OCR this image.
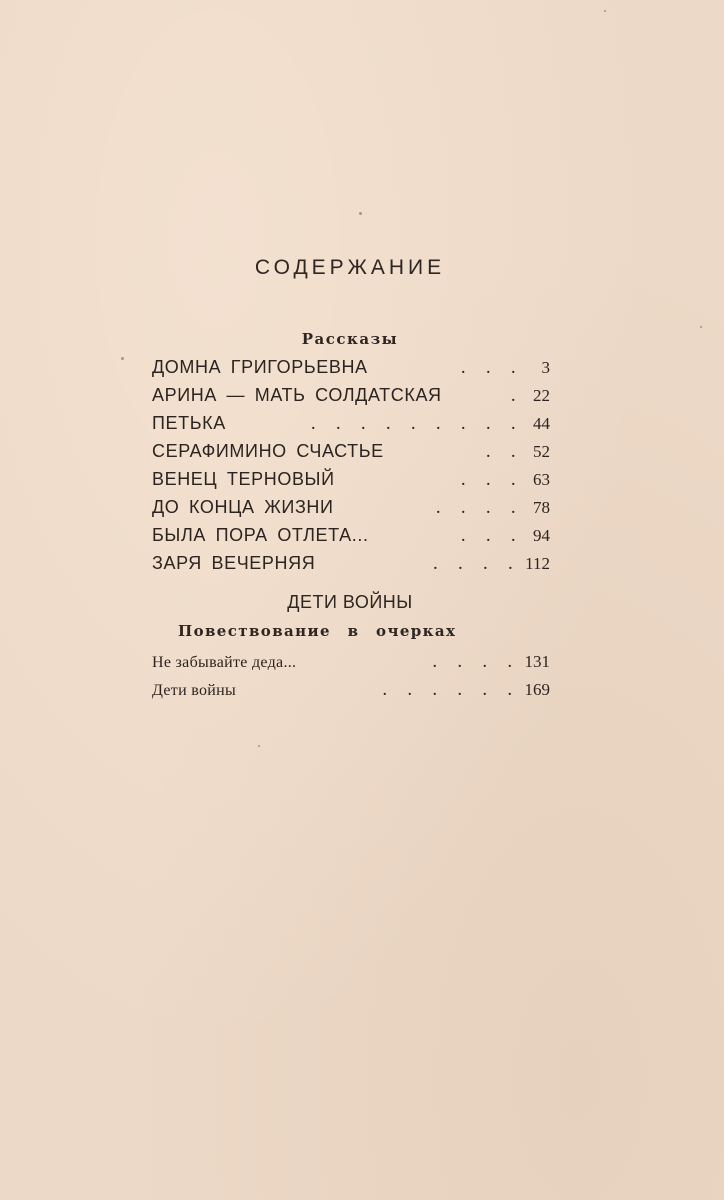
СОДЕРЖАНИЕ
Рассказы
ДОМНА ГРИГОРЬЕВНА	. . .	3
АРИНА — МАТЬ СОЛДАТСКАЯ	. 22
ПЕТЬКА	. . . . . . . . . 44
СЕРАФИМИНО СЧАСТЬЕ	. . 52
ВЕНЕЦ ТЕРНОВЫЙ	. . . 63
ДО КОНЦА ЖИЗНИ	. . . . 78
БЫЛА ПОРА ОТЛЕТА...	. . . 94
ЗАРЯ ВЕЧЕРНЯЯ	. . . . 112
ДЕТИ ВОЙНЫ
Повествование в очерках
Не забывайте деда...	. . . . 131
Дети войны	. . . . . . 169
